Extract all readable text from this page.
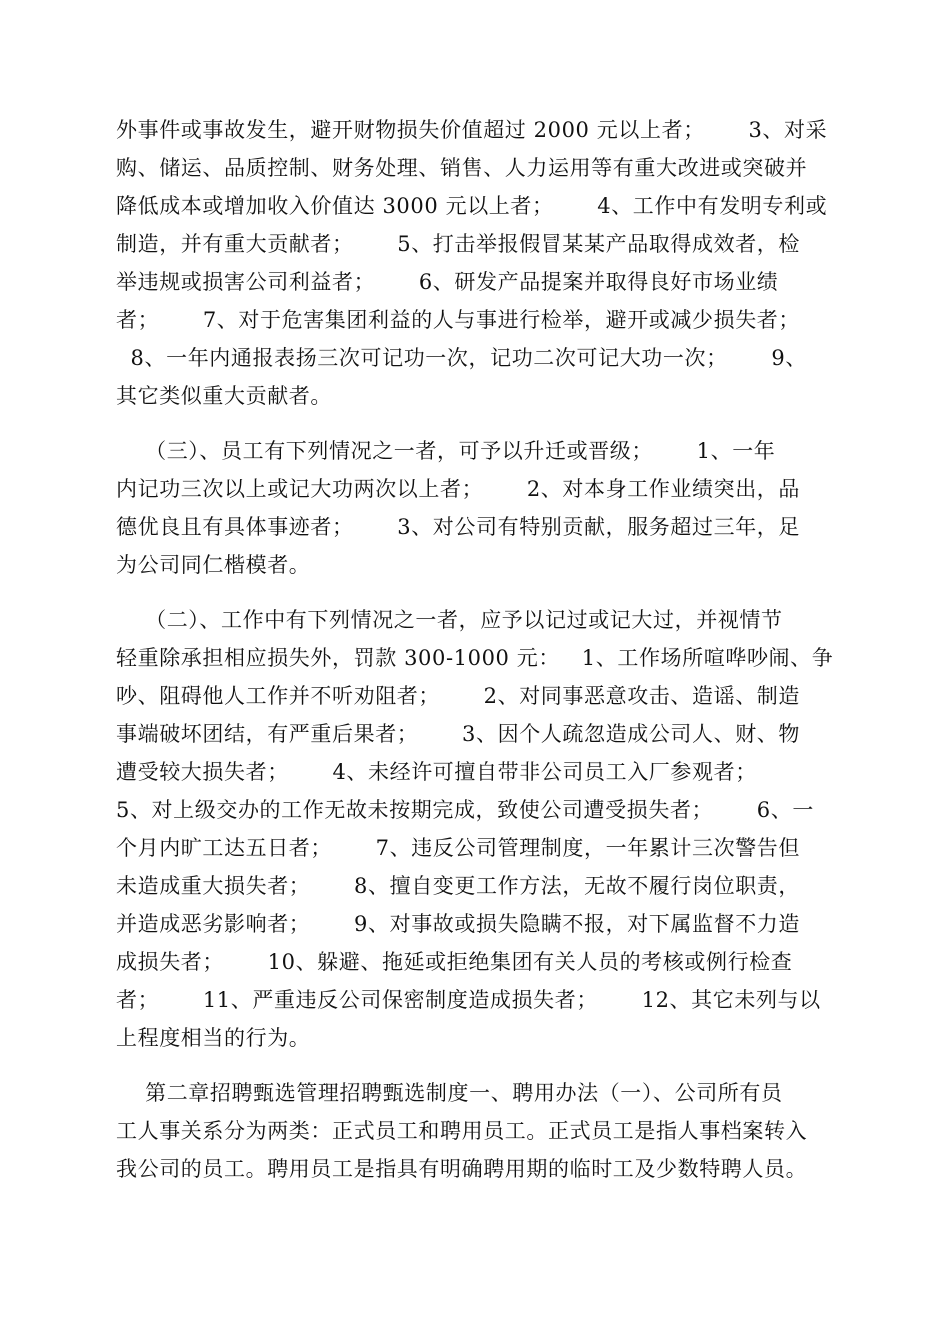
外事件或事故发生，避开财物损失价值超过 2000 元以上者；      3、对采
购、储运、品质控制、财务处理、销售、人力运用等有重大改进或突破并
降低成本或增加收入价值达 3000 元以上者；      4、工作中有发明专利或
制造，并有重大贡献者；      5、打击举报假冒某某产品取得成效者，检
举违规或损害公司利益者；      6、研发产品提案并取得良好市场业绩
者；      7、对于危害集团利益的人与事进行检举，避开或减少损失者；
8、一年内通报表扬三次可记功一次，记功二次可记大功一次；      9、
其它类似重大贡献者。
（三）、员工有下列情况之一者，可予以升迁或晋级；      1、一年
内记功三次以上或记大功两次以上者；      2、对本身工作业绩突出，品
德优良且有具体事迹者；      3、对公司有特别贡献，服务超过三年，足
为公司同仁楷模者。
（二）、工作中有下列情况之一者，应予以记过或记大过，并视情节
轻重除承担相应损失外，罚款 300-1000 元：   1、工作场所喧哗吵闹、争
吵、阻碍他人工作并不听劝阻者；      2、对同事恶意攻击、造谣、制造
事端破坏团结，有严重后果者；      3、因个人疏忽造成公司人、财、物
遭受较大损失者；      4、未经许可擅自带非公司员工入厂参观者；
5、对上级交办的工作无故未按期完成，致使公司遭受损失者；      6、一
个月内旷工达五日者；      7、违反公司管理制度，一年累计三次警告但
未造成重大损失者；      8、擅自变更工作方法，无故不履行岗位职责，
并造成恶劣影响者；      9、对事故或损失隐瞒不报，对下属监督不力造
成损失者；      10、躲避、拖延或拒绝集团有关人员的考核或例行检查
者；      11、严重违反公司保密制度造成损失者；      12、其它未列与以
上程度相当的行为。
第二章招聘甄选管理招聘甄选制度一、聘用办法（一）、公司所有员
工人事关系分为两类：正式员工和聘用员工。正式员工是指人事档案转入
我公司的员工。聘用员工是指具有明确聘用期的临时工及少数特聘人员。
